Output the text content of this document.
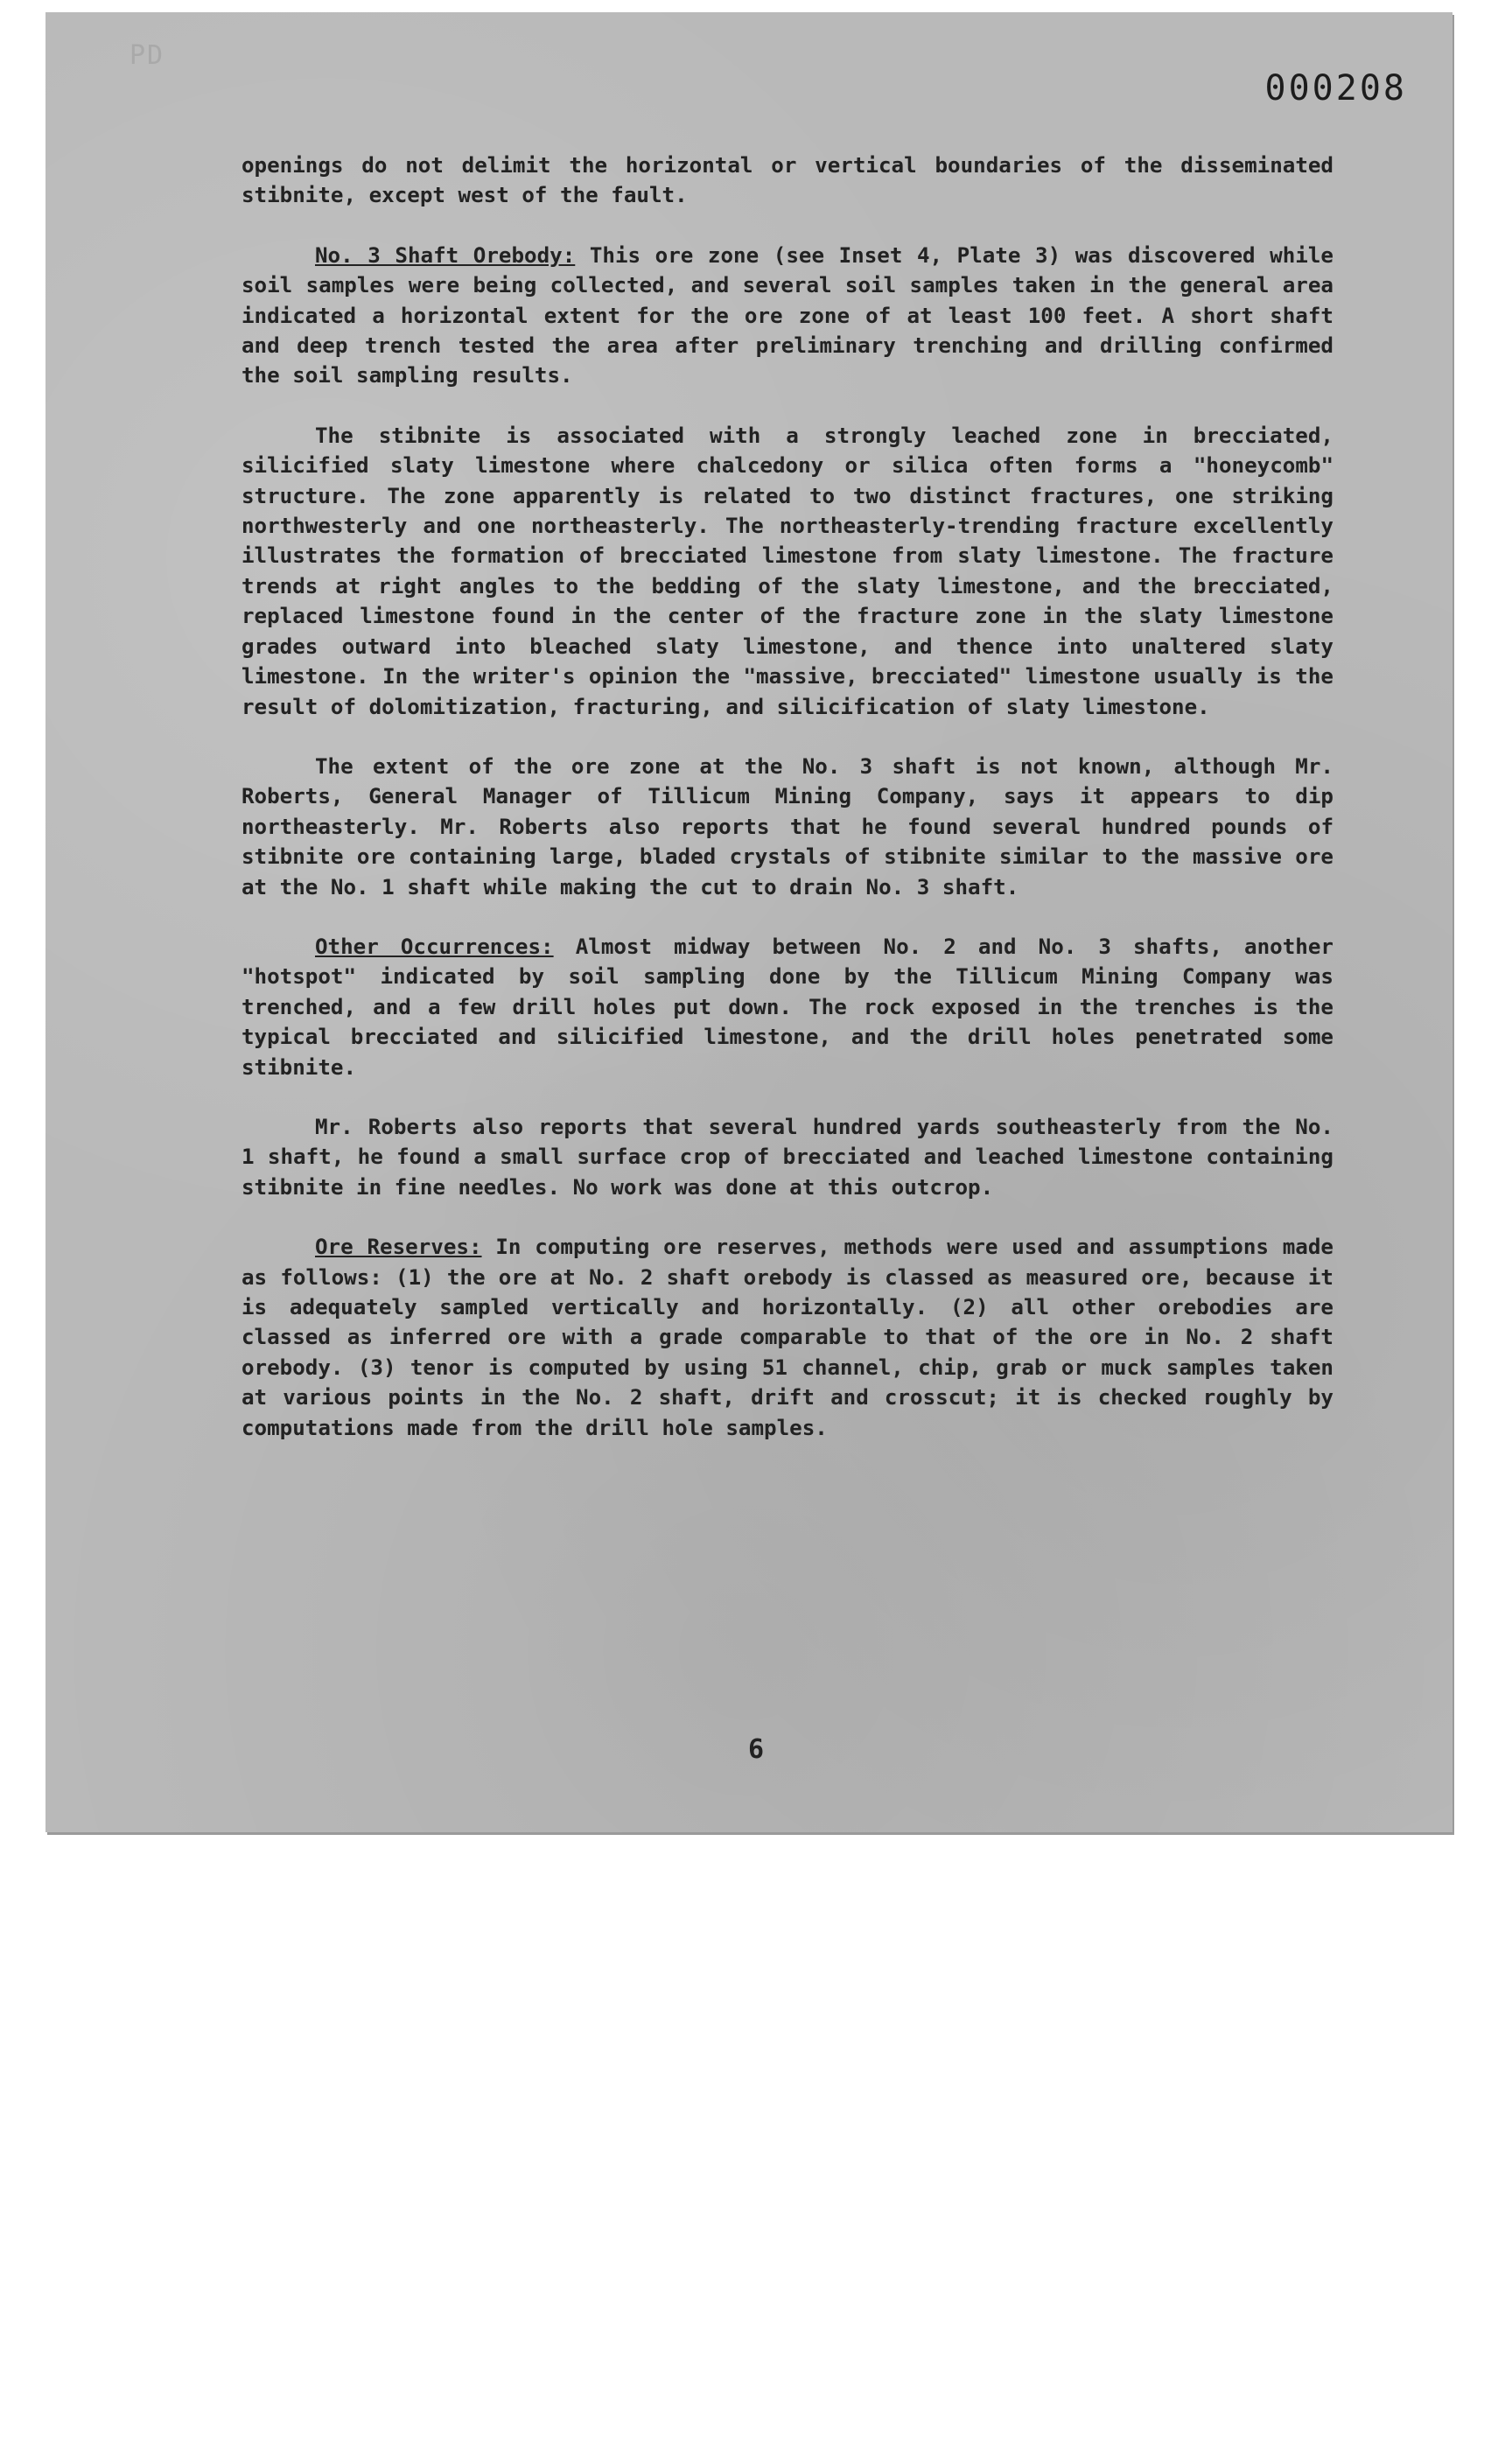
PD
000208

openings do not delimit the horizontal or vertical boundaries of the disseminated stibnite, except west of the fault.

No. 3 Shaft Orebody: This ore zone (see Inset 4, Plate 3) was discovered while soil samples were being collected, and several soil samples taken in the general area indicated a horizontal extent for the ore zone of at least 100 feet. A short shaft and deep trench tested the area after preliminary trenching and drilling confirmed the soil sampling results.

The stibnite is associated with a strongly leached zone in brecciated, silicified slaty limestone where chalcedony or silica often forms a "honeycomb" structure. The zone apparently is related to two distinct fractures, one striking northwesterly and one northeasterly. The northeasterly-trending fracture excellently illustrates the formation of brecciated limestone from slaty limestone. The fracture trends at right angles to the bedding of the slaty limestone, and the brecciated, replaced limestone found in the center of the fracture zone in the slaty limestone grades outward into bleached slaty limestone, and thence into unaltered slaty limestone. In the writer's opinion the "massive, brecciated" limestone usually is the result of dolomitization, fracturing, and silicification of slaty limestone.

The extent of the ore zone at the No. 3 shaft is not known, although Mr. Roberts, General Manager of Tillicum Mining Company, says it appears to dip northeasterly. Mr. Roberts also reports that he found several hundred pounds of stibnite ore containing large, bladed crystals of stibnite similar to the massive ore at the No. 1 shaft while making the cut to drain No. 3 shaft.

Other Occurrences: Almost midway between No. 2 and No. 3 shafts, another "hotspot" indicated by soil sampling done by the Tillicum Mining Company was trenched, and a few drill holes put down. The rock exposed in the trenches is the typical brecciated and silicified limestone, and the drill holes penetrated some stibnite.

Mr. Roberts also reports that several hundred yards southeasterly from the No. 1 shaft, he found a small surface crop of brecciated and leached limestone containing stibnite in fine needles. No work was done at this outcrop.

Ore Reserves: In computing ore reserves, methods were used and assumptions made as follows: (1) the ore at No. 2 shaft orebody is classed as measured ore, because it is adequately sampled vertically and horizontally. (2) all other orebodies are classed as inferred ore with a grade comparable to that of the ore in No. 2 shaft orebody. (3) tenor is computed by using 51 channel, chip, grab or muck samples taken at various points in the No. 2 shaft, drift and crosscut; it is checked roughly by computations made from the drill hole samples.

6
